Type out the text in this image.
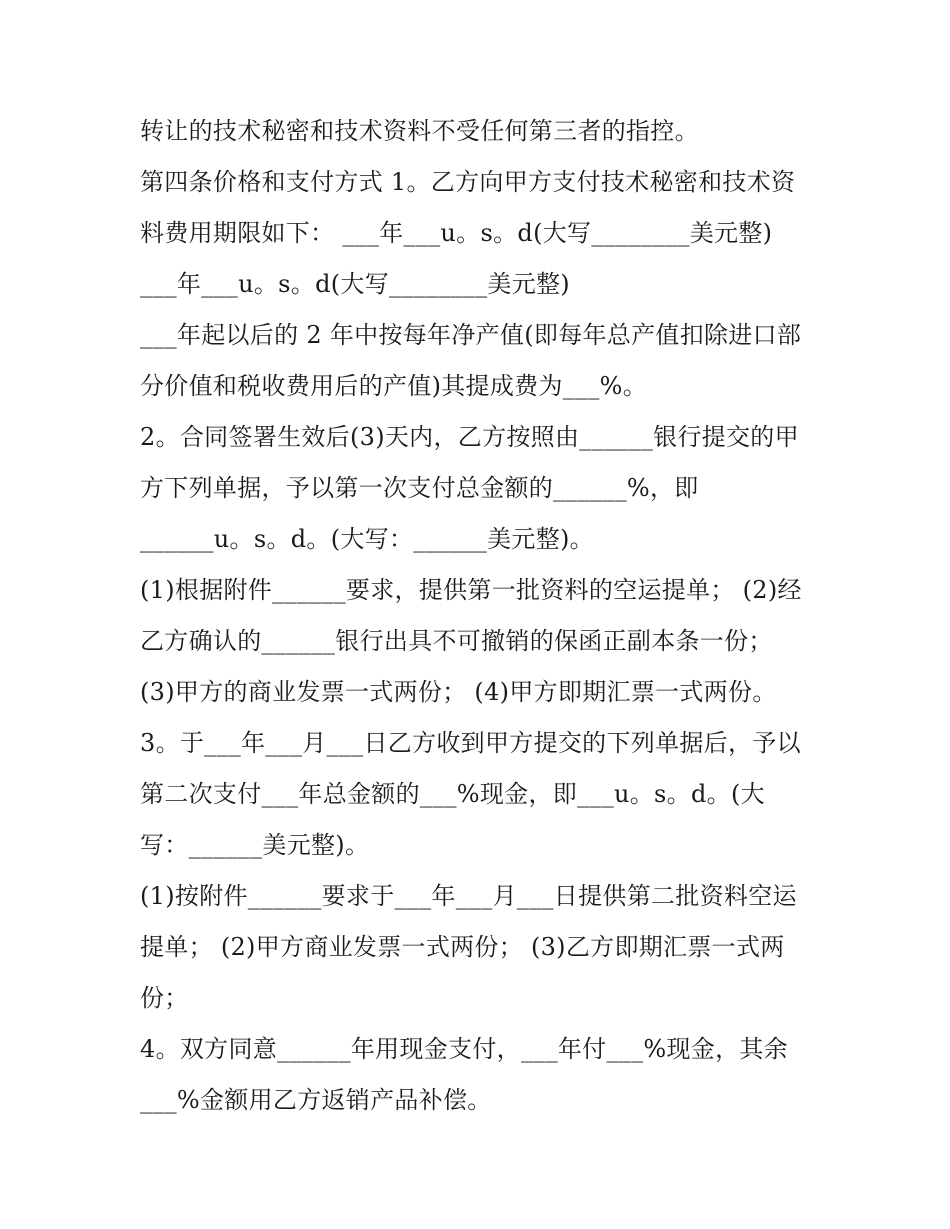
转让的技术秘密和技术资料不受任何第三者的指控。
第四条价格和支付方式 1。乙方向甲方支付技术秘密和技术资
料费用期限如下： ___年___u。s。d(大写________美元整)
___年___u。s。d(大写________美元整)
___年起以后的 2 年中按每年净产值(即每年总产值扣除进口部
分价值和税收费用后的产值)其提成费为___%。
2。合同签署生效后(3)天内，乙方按照由______银行提交的甲
方下列单据，予以第一次支付总金额的______%，即
______u。s。d。(大写：______美元整)。
(1)根据附件______要求，提供第一批资料的空运提单； (2)经
乙方确认的______银行出具不可撤销的保函正副本条一份；
(3)甲方的商业发票一式两份； (4)甲方即期汇票一式两份。
3。于___年___月___日乙方收到甲方提交的下列单据后，予以
第二次支付___年总金额的___%现金，即___u。s。d。(大
写：______美元整)。
(1)按附件______要求于___年___月___日提供第二批资料空运
提单； (2)甲方商业发票一式两份； (3)乙方即期汇票一式两
份；
4。双方同意______年用现金支付，___年付___%现金，其余
___%金额用乙方返销产品补偿。
